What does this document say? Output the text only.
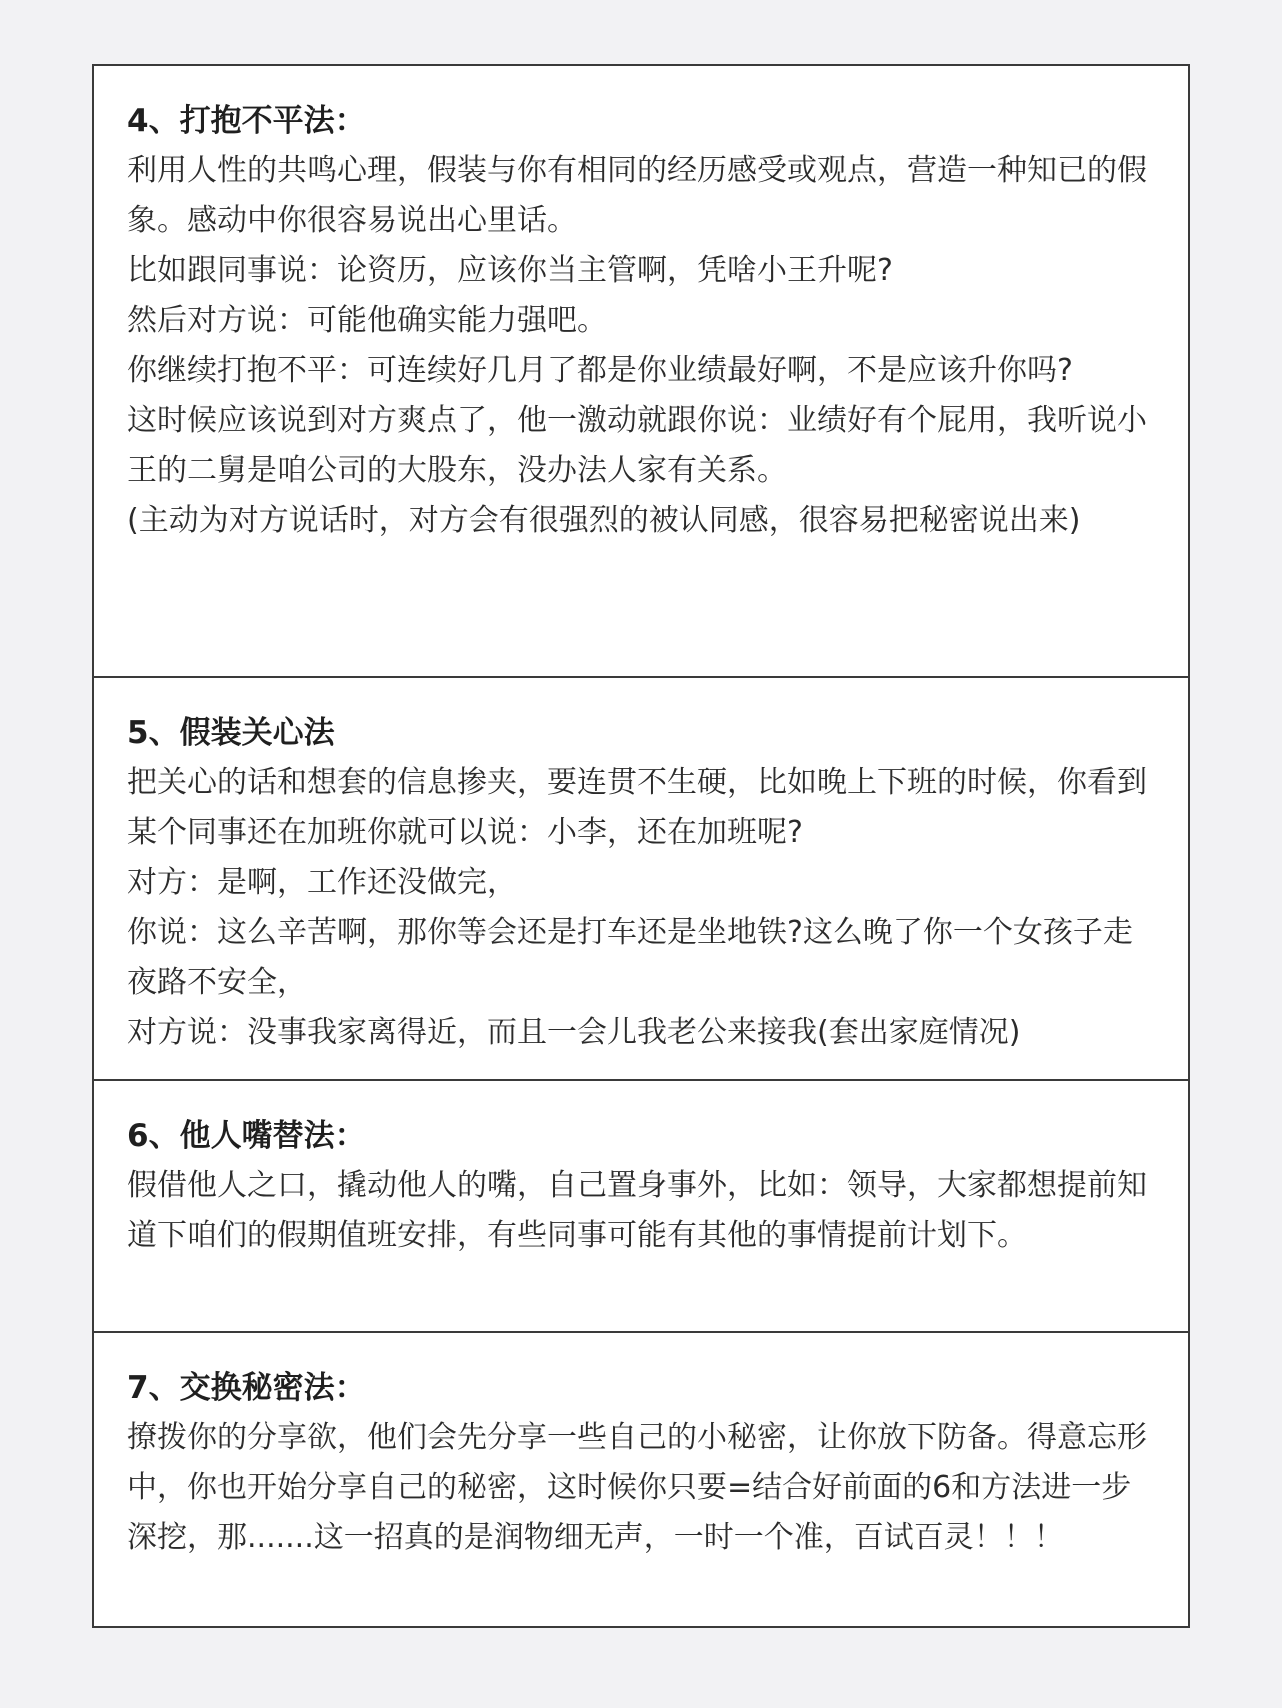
4、打抱不平法：

利用人性的共鸣心理，假装与你有相同的经历感受或观点，营造一种知已的假象。感动中你很容易说出心里话。

比如跟同事说：论资历，应该你当主管啊，凭啥小王升呢?

然后对方说：可能他确实能力强吧。

你继续打抱不平：可连续好几月了都是你业绩最好啊，不是应该升你吗?

这时候应该说到对方爽点了，他一激动就跟你说：业绩好有个屁用，我听说小王的二舅是咱公司的大股东，没办法人家有关系。

(主动为对方说话时，对方会有很强烈的被认同感，很容易把秘密说出来)

5、假装关心法

把关心的话和想套的信息掺夹，要连贯不生硬，比如晚上下班的时候，你看到某个同事还在加班你就可以说：小李，还在加班呢?

对方：是啊，工作还没做完，

你说：这么辛苦啊，那你等会还是打车还是坐地铁?这么晚了你一个女孩子走夜路不安全，

对方说：没事我家离得近，而且一会儿我老公来接我(套出家庭情况)

6、他人嘴替法：

假借他人之口，撬动他人的嘴，自己置身事外，比如：领导，大家都想提前知道下咱们的假期值班安排，有些同事可能有其他的事情提前计划下。

7、交换秘密法：

撩拨你的分享欲，他们会先分享一些自己的小秘密，让你放下防备。得意忘形中，你也开始分享自己的秘密，这时候你只要=结合好前面的6和方法进一步深挖，那.......这一招真的是润物细无声，一时一个准，百试百灵！！！
